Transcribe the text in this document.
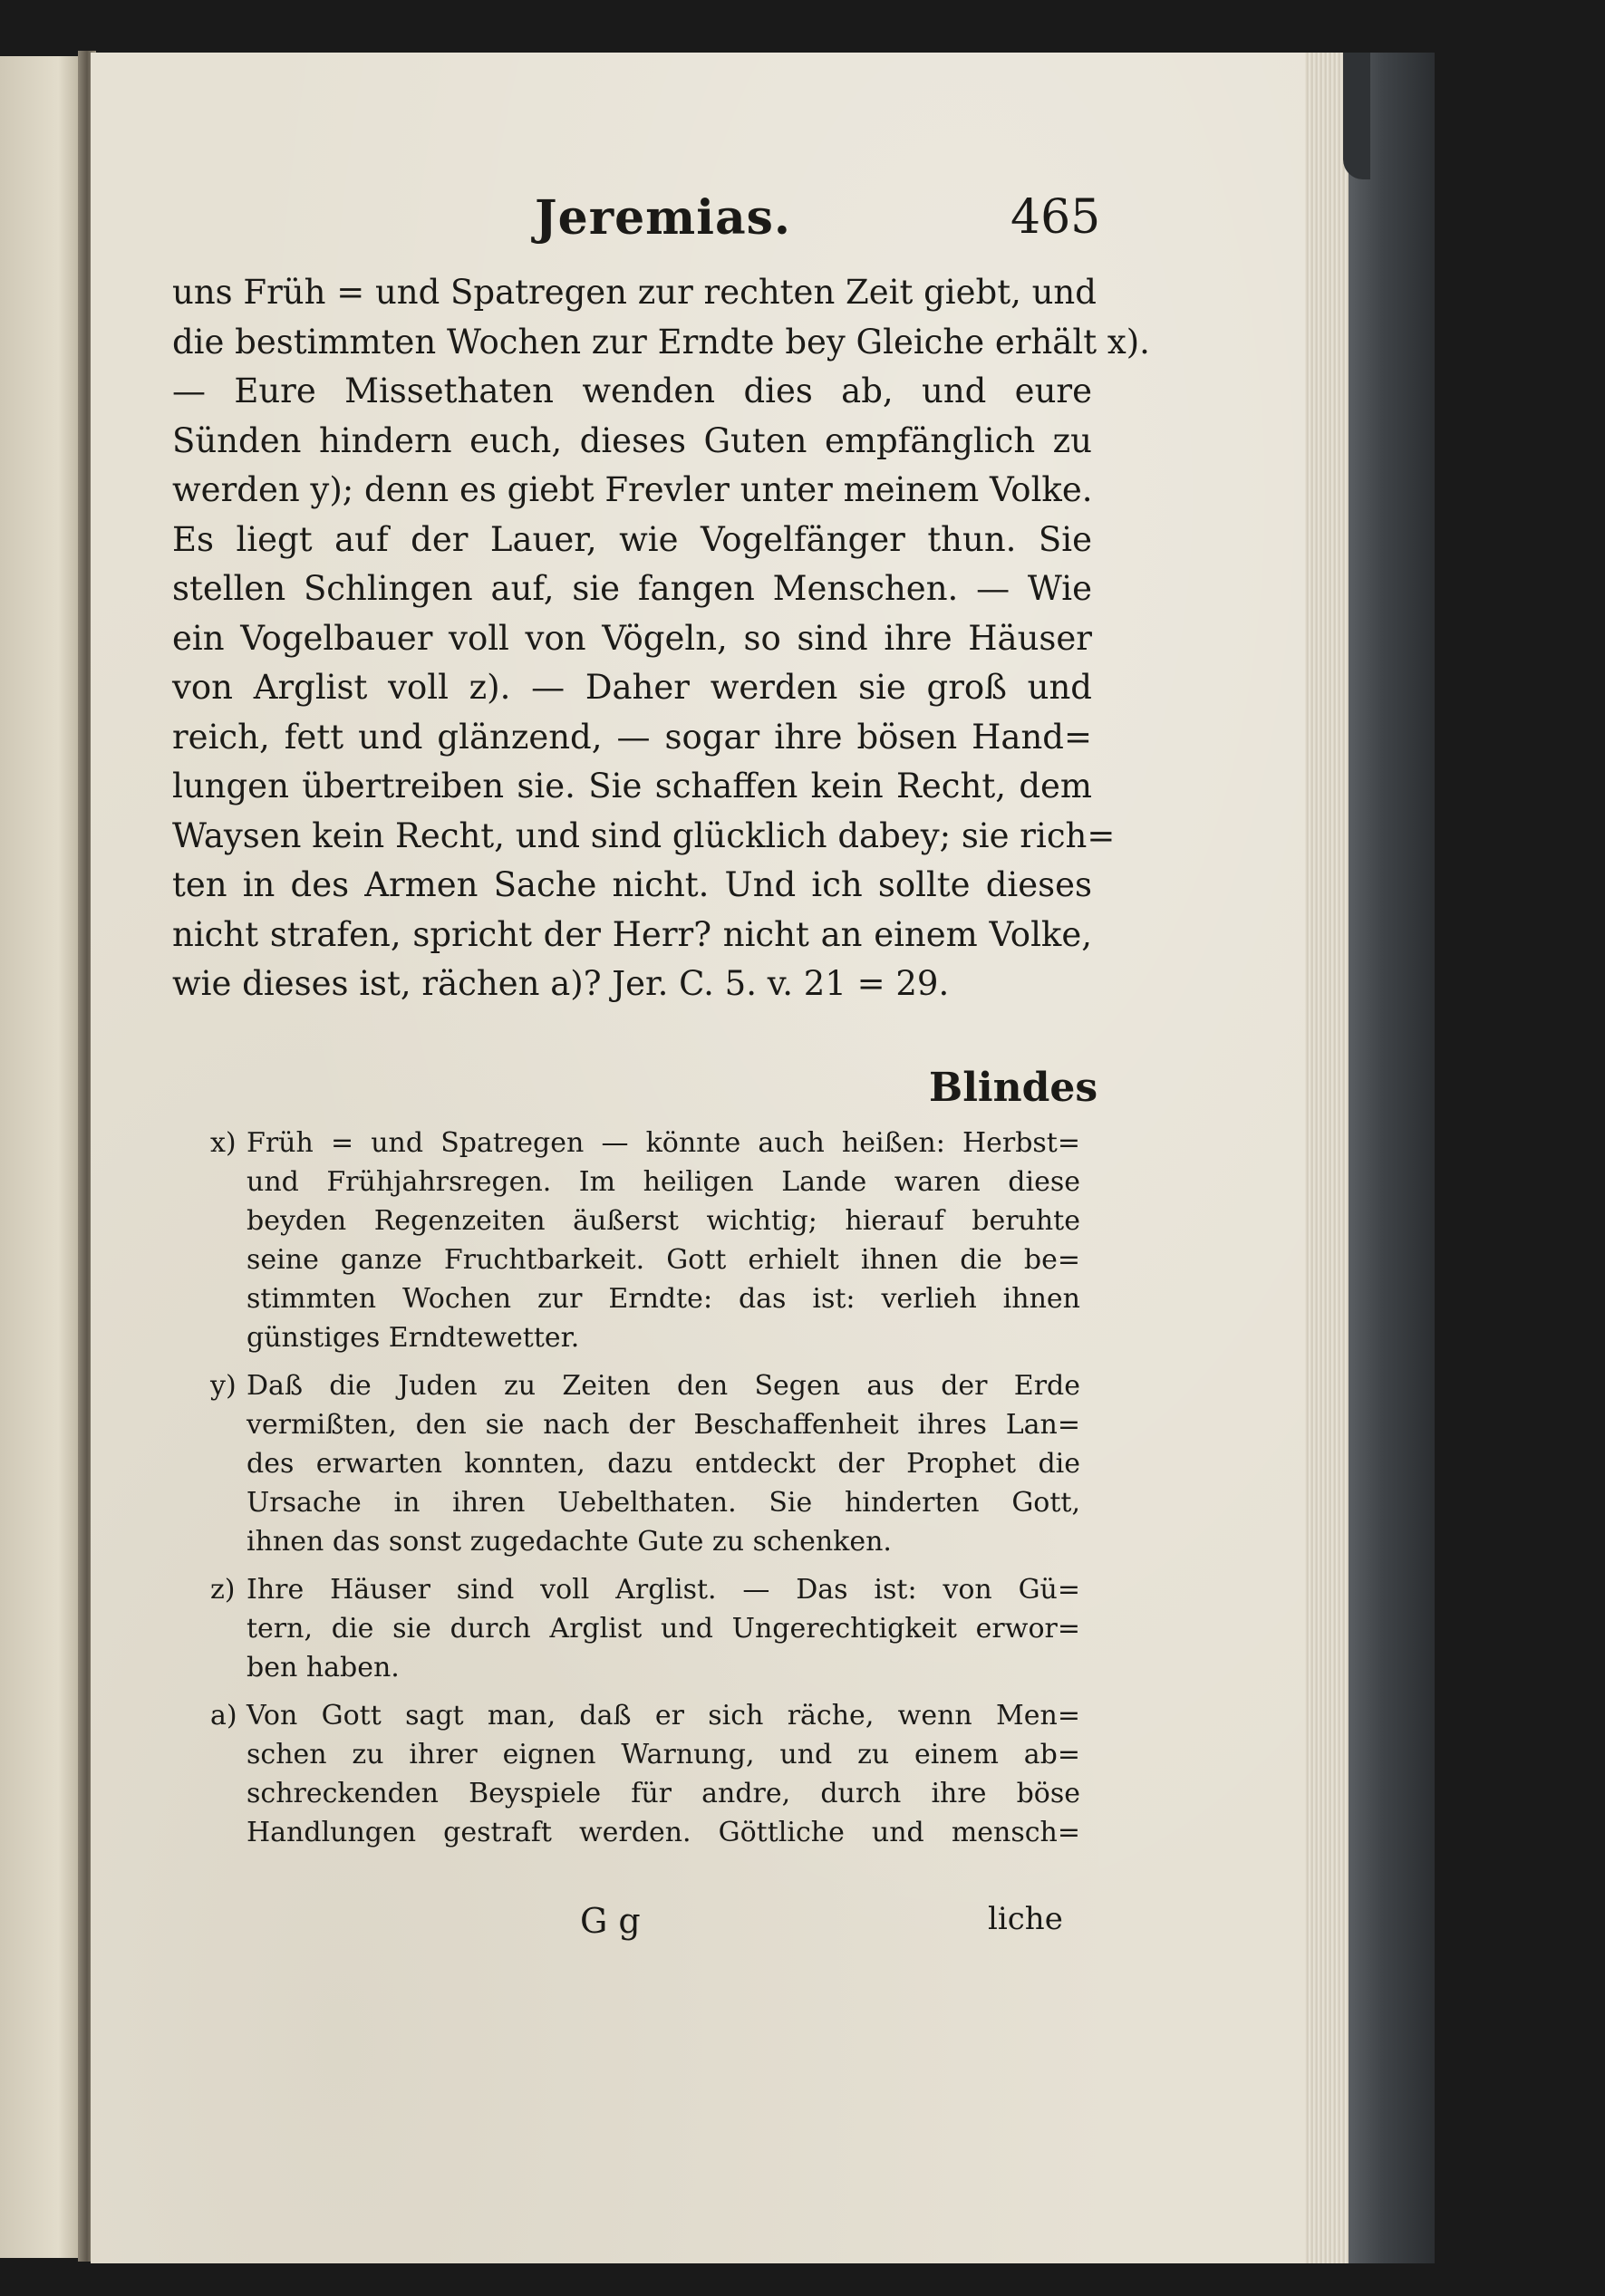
Jeremias.	465

uns Früh = und Spatregen zur rechten Zeit giebt, und
die bestimmten Wochen zur Erndte bey Gleiche erhält x).
— Eure Missethaten wenden dies ab, und eure
Sünden hindern euch, dieses Guten empfänglich zu
werden y); denn es giebt Frevler unter meinem Volke.
Es liegt auf der Lauer, wie Vogelfänger thun. Sie
stellen Schlingen auf, sie fangen Menschen. — Wie
ein Vogelbauer voll von Vögeln, so sind ihre Häuser
von Arglist voll z). — Daher werden sie groß und
reich, fett und glänzend, — sogar ihre bösen Hand=
lungen übertreiben sie. Sie schaffen kein Recht, dem
Waysen kein Recht, und sind glücklich dabey; sie rich=
ten in des Armen Sache nicht. Und ich sollte dieses
nicht strafen, spricht der Herr? nicht an einem Volke,
wie dieses ist, rächen a)? Jer. C. 5. v. 21 = 29.

Blindes

x) Früh = und Spatregen — könnte auch heißen: Herbst=
und Frühjahrsregen. Im heiligen Lande waren diese
beyden Regenzeiten äußerst wichtig; hierauf beruhte
seine ganze Fruchtbarkeit. Gott erhielt ihnen die be=
stimmten Wochen zur Erndte: das ist: verlieh ihnen
günstiges Erndtewetter.
y) Daß die Juden zu Zeiten den Segen aus der Erde
vermißten, den sie nach der Beschaffenheit ihres Lan=
des erwarten konnten, dazu entdeckt der Prophet die
Ursache in ihren Uebelthaten. Sie hinderten Gott,
ihnen das sonst zugedachte Gute zu schenken.
z) Ihre Häuser sind voll Arglist. — Das ist: von Gü=
tern, die sie durch Arglist und Ungerechtigkeit erwor=
ben haben.
a) Von Gott sagt man, daß er sich räche, wenn Men=
schen zu ihrer eignen Warnung, und zu einem ab=
schreckenden Beyspiele für andre, durch ihre böse
Handlungen gestraft werden. Göttliche und mensch=

G g	liche
